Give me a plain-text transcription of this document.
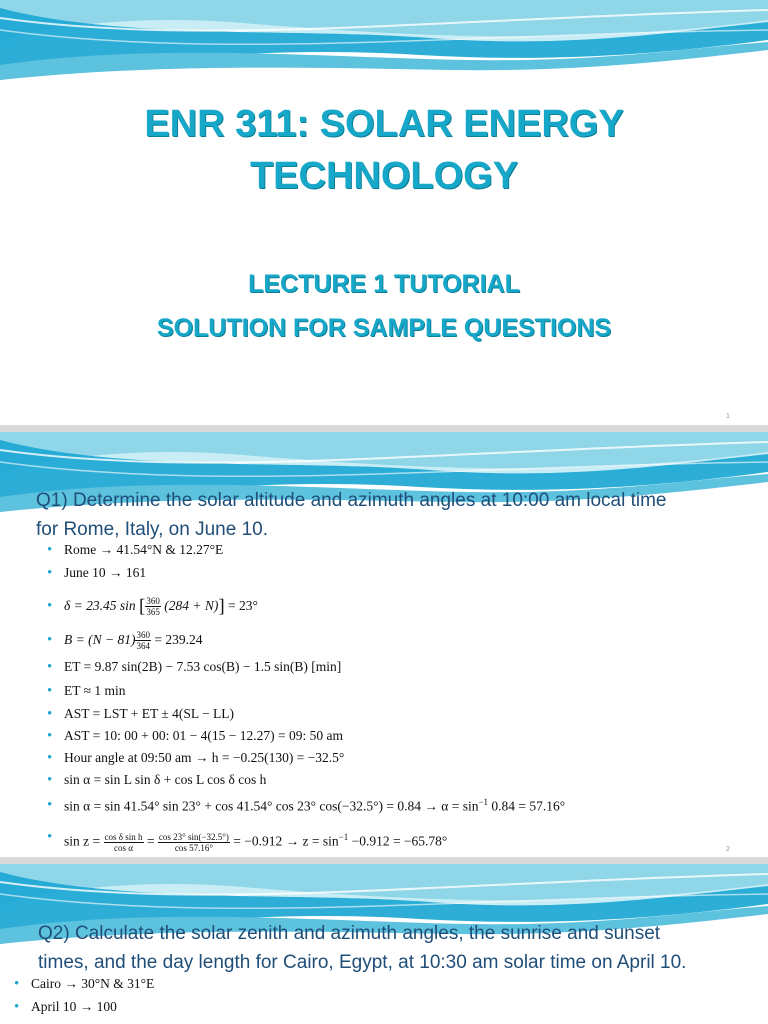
ENR 311: SOLAR ENERGY
TECHNOLOGY
LECTURE 1 TUTORIAL
SOLUTION FOR SAMPLE QUESTIONS
1
Q1) Determine the solar altitude and azimuth angles at 10:00 am local time
for Rome, Italy, on June 10.
• Rome → 41.54°N & 12.27°E
• June 10 → 161
• δ = 23.45 sin [ $\frac{360}{365} (284 + N)] = 23^\circ$
• $B = (N - 81) \frac{360}{364} = 239.24$
• ET = 9.87 sin(2B) − 7.53 cos(B) − 1.5 sin(B) [min]
• ET ≈ 1 min
• AST = LST + ET ± 4(SL − LL)
• AST = 10: 00 + 00: 01 − 4(15 − 12.27) = 09: 50 am
• Hour angle at 09:50 am → h = −0.25(130) = −32.5°
• sin α = sin L sin δ + cos L cos δ cos h
• sin α = sin 41.54° sin 23° + cos 41.54° cos 23° $\cos(-32.5^\circ) = 0.84 \to \alpha = \sin^{-1} 0.84 = 57.16^\circ$
• $\sin z = \frac{\text{cos δ sin h}}{\text{cos α}} = \frac{\cos 23^\circ \sin(-32.5^\circ)}{\cos 57.16^\circ} = -0.912 \to z = \sin^{-1} -0.912 = -65.78^\circ$
2
Q2) Calculate the solar zenith and azimuth angles, the sunrise and sunset
times, and the day length for Cairo, Egypt, at 10:30 am solar time on April 10.
• Cairo → 30°N & 31°E
• April 10 → 100
